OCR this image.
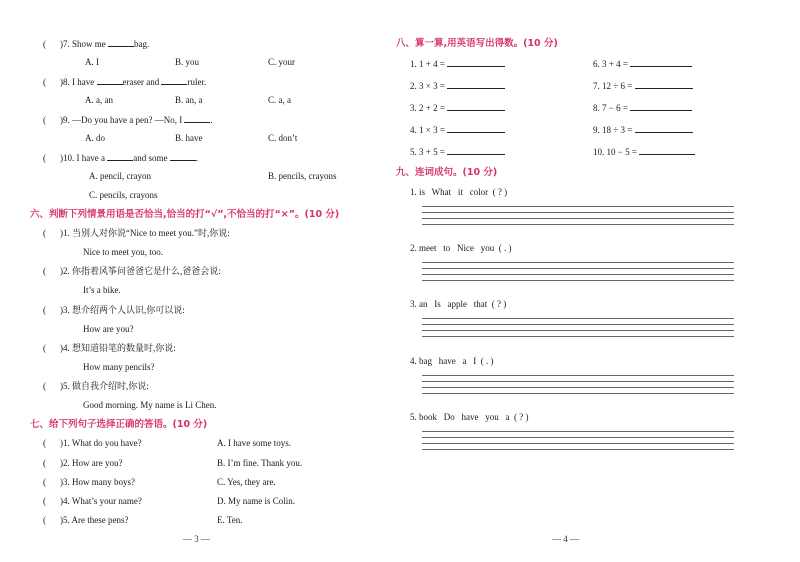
( )7. Show me	bag.
A. I	B. you	C. your
( )8. I have	eraser and	ruler.
A. a, an	B. an, a	C. a, a
( )9. —Do you have a pen? —No, I	.
A. do	B. have	C. don’t
( )10. I have a	and some	.
A. pencil, crayon	B. pencils, crayons
C. pencils, crayons
六、判断下列情景用语是否恰当,恰当的打“√”,不恰当的打“×”。(10 分)
( )1. 当别人对你说“Nice to meet you.”时,你说:
Nice to meet you, too.
( )2. 你指着风筝问爸爸它是什么,爸爸会说:
It’s a bike.
( )3. 想介绍两个人认识,你可以说:
How are you?
( )4. 想知道铅笔的数量时,你说:
How many pencils?
( )5. 做自我介绍时,你说:
Good morning. My name is Li Chen.
七、给下列句子选择正确的答语。(10 分)
( )1. What do you have?	A. I have some toys.
( )2. How are you?	B. I’m fine. Thank you.
( )3. How many boys?	C. Yes, they are.
( )4. What’s your name?	D. My name is Colin.
( )5. Are these pens?	E. Ten.
— 3 —
八、算一算,用英语写出得数。(10 分)
1. 1 + 4 =
2. 3 × 3 =
3. 2 + 2 =
4. 1 × 3 =
5. 3 + 5 =
6. 3 + 4 =
7. 12 ÷ 6 =
8. 7 − 6 =
9. 18 ÷ 3 =
10. 10 − 5 =
九、连词成句。(10 分)
1. is   What   it   color  ( ? )
2. meet   to   Nice   you  ( . )
3. an   Is   apple   that  ( ? )
4. bag   have   a   I  ( . )
5. book   Do   have   you   a  ( ? )
— 4 —
